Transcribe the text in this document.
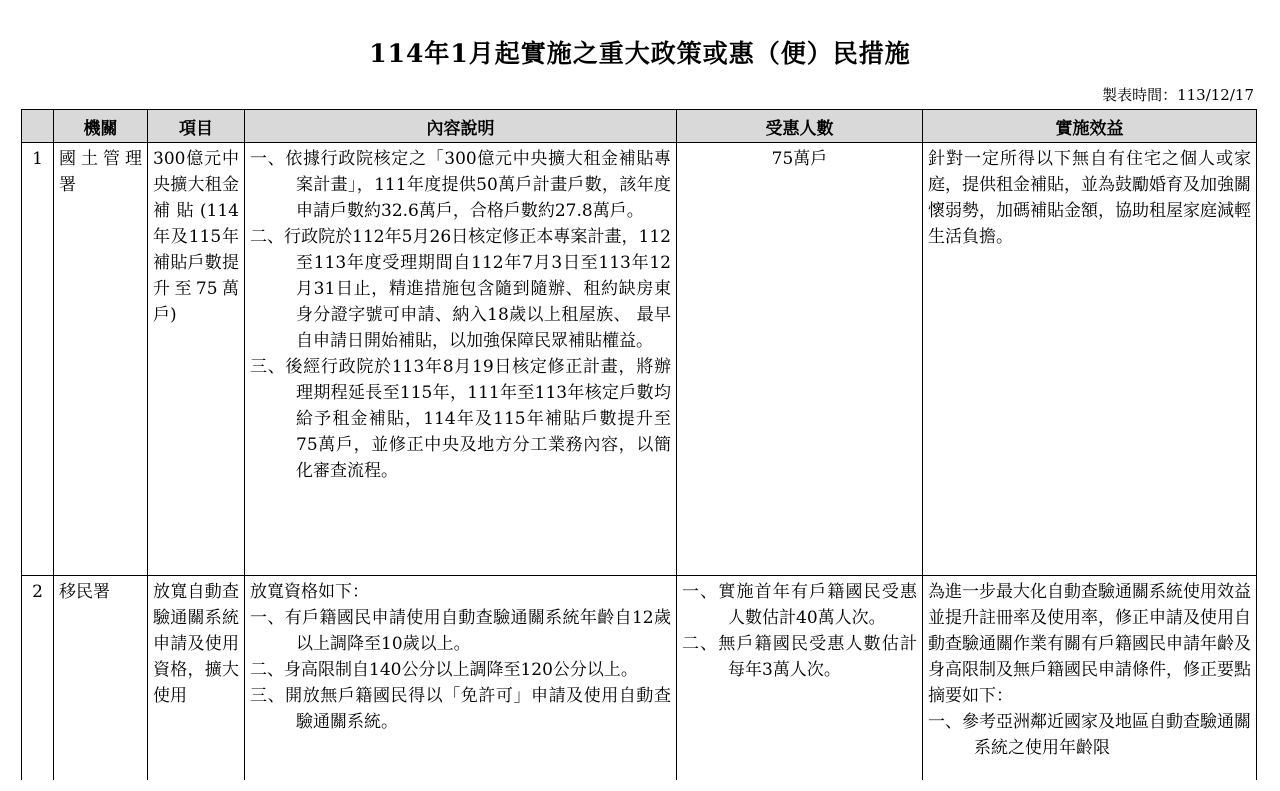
114年1月起實施之重大政策或惠（便）民措施
製表時間：113/12/17
	機關	項目	內容說明	受惠人數	實施效益

1	國土管理署	300億元中央擴大租金補貼(114年及115年補貼戶數提升至75萬戶)	一、依據行政院核定之「300億元中央擴大租金補貼專案計畫」，111年度提供50萬戶計畫戶數，該年度申請戶數約32.6萬戶，合格戶數約27.8萬戶。
二、行政院於112年5月26日核定修正本專案計畫，112至113年度受理期間自112年7月3日至113年12月31日止，精進措施包含隨到隨辦、租約缺房東身分證字號可申請、納入18歲以上租屋族、 最早自申請日開始補貼，以加強保障民眾補貼權益。
三、後經行政院於113年8月19日核定修正計畫，將辦理期程延長至115年，111年至113年核定戶數均給予租金補貼，114年及115年補貼戶數提升至75萬戶，並修正中央及地方分工業務內容，以簡化審查流程。	75萬戶	針對一定所得以下無自有住宅之個人或家庭，提供租金補貼，並為鼓勵婚育及加強關懷弱勢，加碼補貼金額，協助租屋家庭減輕生活負擔。

2	移民署	放寬自動查驗通關系統申請及使用資格，擴大使用	放寬資格如下：
一、有戶籍國民申請使用自動查驗通關系統年齡自12歲以上調降至10歲以上。
二、身高限制自140公分以上調降至120公分以上。
三、開放無戶籍國民得以「免許可」申請及使用自動查驗通關系統。	一、實施首年有戶籍國民受惠人數估計40萬人次。
二、無戶籍國民受惠人數估計每年3萬人次。	為進一步最大化自動查驗通關系統使用效益並提升註冊率及使用率，修正申請及使用自動查驗通關作業有關有戶籍國民申請年齡及身高限制及無戶籍國民申請條件，修正要點摘要如下：
一、參考亞洲鄰近國家及地區自動查驗通關系統之使用年齡限
